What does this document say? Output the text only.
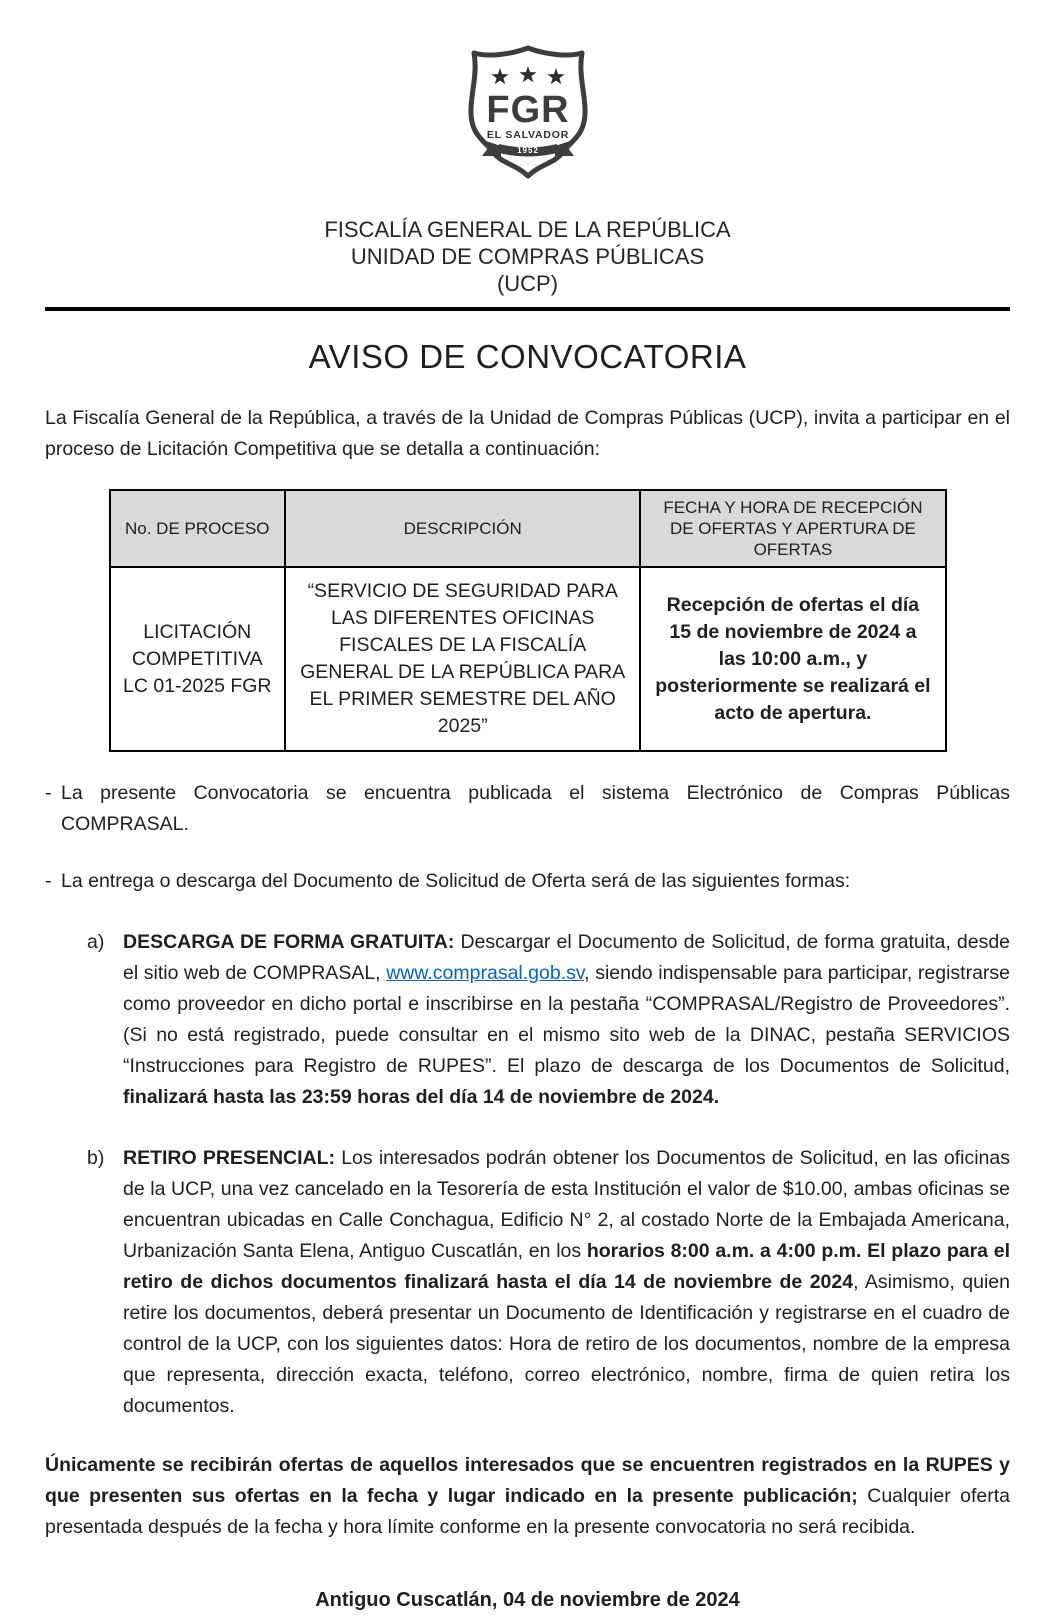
FGR
EL SALVADOR
1952
FISCALÍA GENERAL DE LA REPÚBLICA
UNIDAD DE COMPRAS PÚBLICAS
(UCP)
AVISO DE CONVOCATORIA

La Fiscalía General de la República, a través de la Unidad de Compras Públicas (UCP), invita a participar en el proceso de Licitación Competitiva que se detalla a continuación:

No. DE PROCESO	DESCRIPCIÓN	FECHA Y HORA DE RECEPCIÓN DE OFERTAS Y APERTURA DE OFERTAS
LICITACIÓN COMPETITIVA LC 01-2025 FGR	“SERVICIO DE SEGURIDAD PARA LAS DIFERENTES OFICINAS FISCALES DE LA FISCALÍA GENERAL DE LA REPÚBLICA PARA EL PRIMER SEMESTRE DEL AÑO 2025”	Recepción de ofertas el día 15 de noviembre de 2024 a las 10:00 a.m., y posteriormente se realizará el acto de apertura.
- La presente Convocatoria se encuentra publicada el sistema Electrónico de Compras Públicas COMPRASAL.
- La entrega o descarga del Documento de Solicitud de Oferta será de las siguientes formas:
a) DESCARGA DE FORMA GRATUITA: Descargar el Documento de Solicitud, de forma gratuita, desde el sitio web de COMPRASAL, www.comprasal.gob.sv, siendo indispensable para participar, registrarse como proveedor en dicho portal e inscribirse en la pestaña “COMPRASAL/Registro de Proveedores”. (Si no está registrado, puede consultar en el mismo sito web de la DINAC, pestaña SERVICIOS “Instrucciones para Registro de RUPES”. El plazo de descarga de los Documentos de Solicitud, finalizará hasta las 23:59 horas del día 14 de noviembre de 2024.
b) RETIRO PRESENCIAL: Los interesados podrán obtener los Documentos de Solicitud, en las oficinas de la UCP, una vez cancelado en la Tesorería de esta Institución el valor de $10.00, ambas oficinas se encuentran ubicadas en Calle Conchagua, Edificio N° 2, al costado Norte de la Embajada Americana, Urbanización Santa Elena, Antiguo Cuscatlán, en los horarios 8:00 a.m. a 4:00 p.m. El plazo para el retiro de dichos documentos finalizará hasta el día 14 de noviembre de 2024, Asimismo, quien retire los documentos, deberá presentar un Documento de Identificación y registrarse en el cuadro de control de la UCP, con los siguientes datos: Hora de retiro de los documentos, nombre de la empresa que representa, dirección exacta, teléfono, correo electrónico, nombre, firma de quien retira los documentos.

Únicamente se recibirán ofertas de aquellos interesados que se encuentren registrados en la RUPES y que presenten sus ofertas en la fecha y lugar indicado en la presente publicación; Cualquier oferta presentada después de la fecha y hora límite conforme en la presente convocatoria no será recibida.

Antiguo Cuscatlán, 04 de noviembre de 2024
